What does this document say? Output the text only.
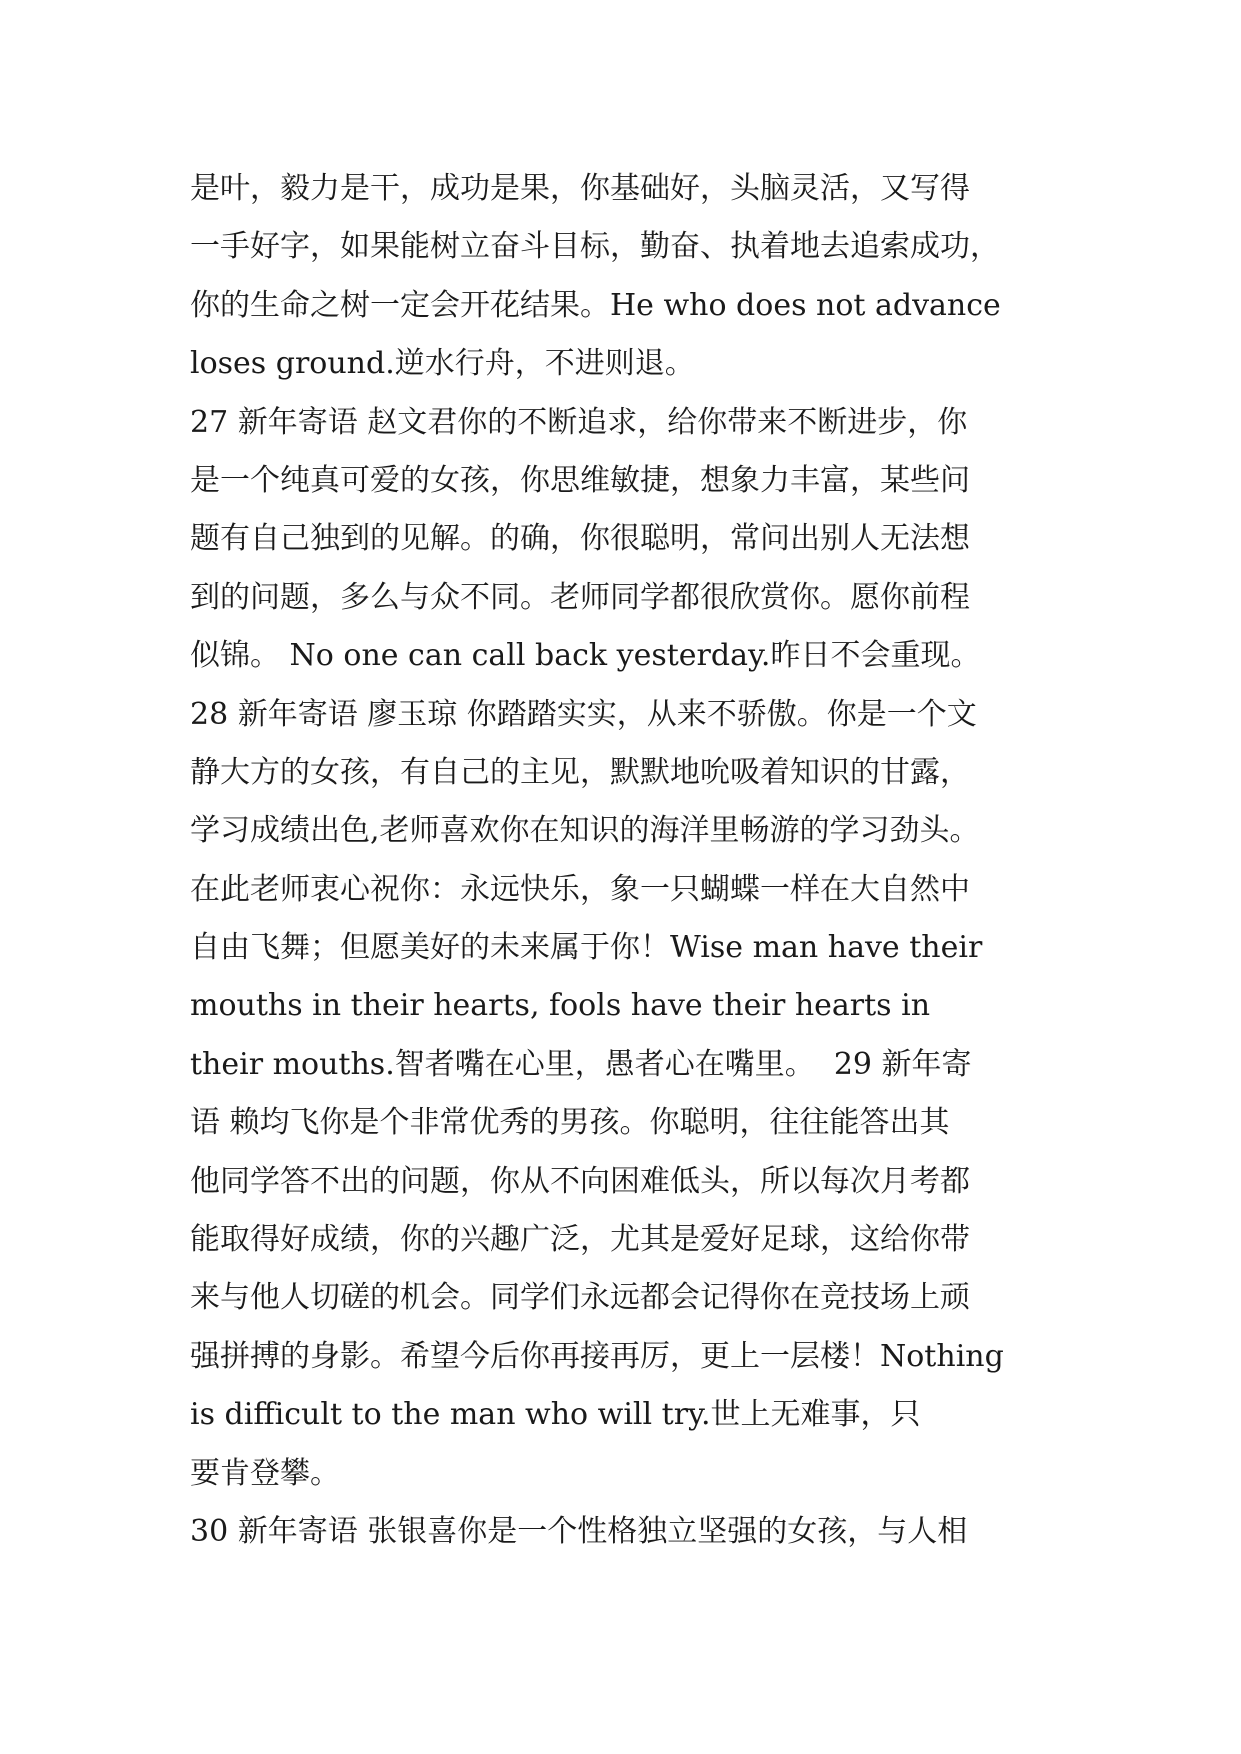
是叶，毅力是干，成功是果，你基础好，头脑灵活，又写得
一手好字，如果能树立奋斗目标，勤奋、执着地去追索成功，
你的生命之树一定会开花结果。He who does not advance
loses ground.逆水行舟，不进则退。
27 新年寄语 赵文君你的不断追求，给你带来不断进步，你
是一个纯真可爱的女孩，你思维敏捷，想象力丰富，某些问
题有自己独到的见解。的确，你很聪明，常问出别人无法想
到的问题，多么与众不同。老师同学都很欣赏你。愿你前程
似锦。 No one can call back yesterday.昨日不会重现。
28 新年寄语 廖玉琼 你踏踏实实，从来不骄傲。你是一个文
静大方的女孩，有自己的主见，默默地吮吸着知识的甘露，
学习成绩出色,老师喜欢你在知识的海洋里畅游的学习劲头。
在此老师衷心祝你：永远快乐，象一只蝴蝶一样在大自然中
自由飞舞；但愿美好的未来属于你！Wise man have their
mouths in their hearts, fools have their hearts in
their mouths.智者嘴在心里，愚者心在嘴里。  29 新年寄
语 赖均飞你是个非常优秀的男孩。你聪明，往往能答出其
他同学答不出的问题，你从不向困难低头，所以每次月考都
能取得好成绩，你的兴趣广泛，尤其是爱好足球，这给你带
来与他人切磋的机会。同学们永远都会记得你在竞技场上顽
强拼搏的身影。希望今后你再接再厉，更上一层楼！Nothing
is difficult to the man who will try.世上无难事，只
要肯登攀。
30 新年寄语 张银喜你是一个性格独立坚强的女孩，与人相
